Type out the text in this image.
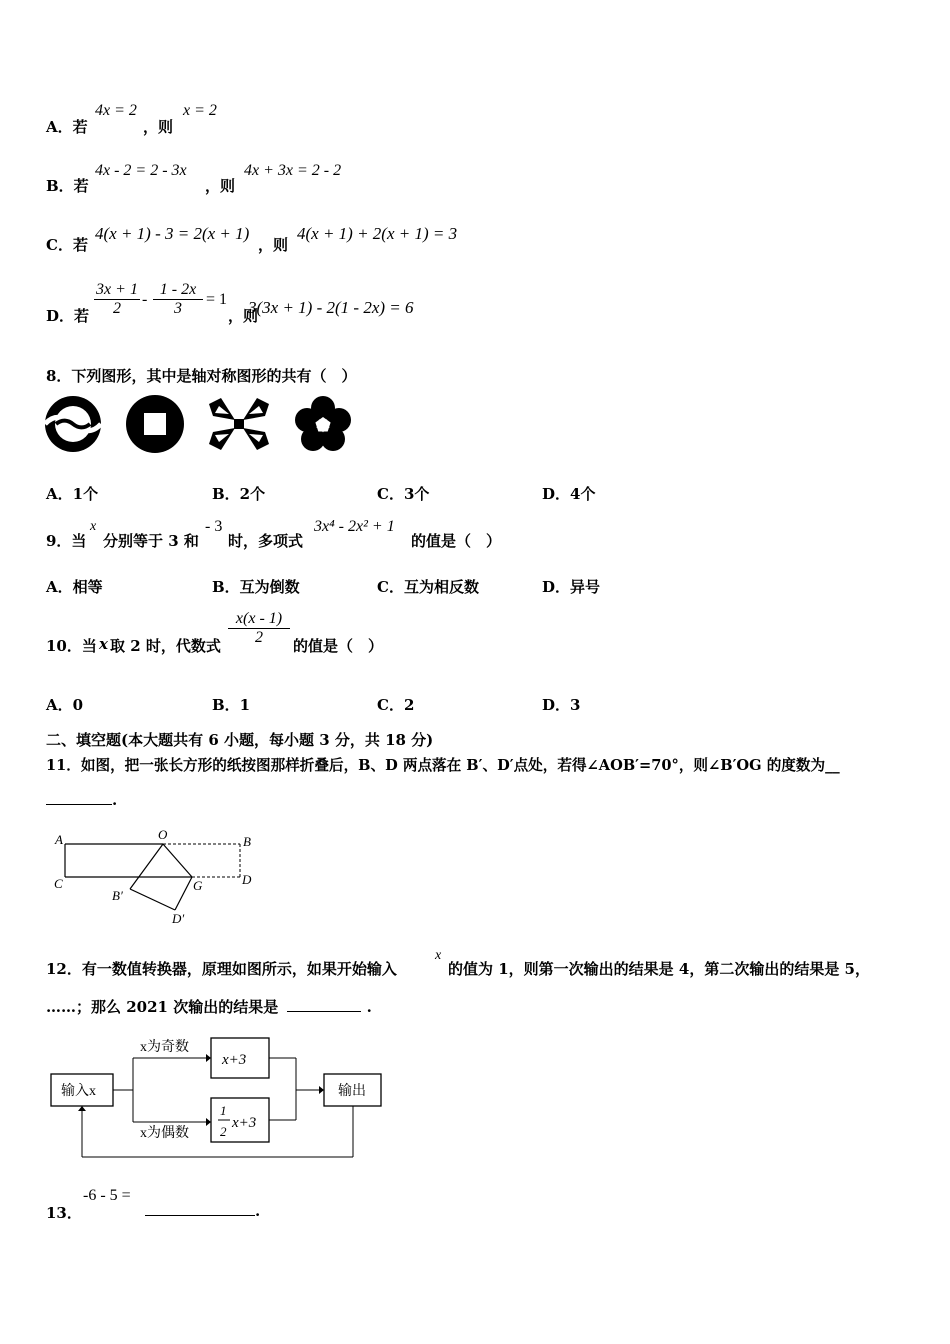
A．若
4x = 2
，则
x = 2
B．若
4x - 2 = 2 - 3x
，则
4x + 3x = 2 - 2
C．若
4(x + 1) - 3 = 2(x + 1)
，则
4(x + 1) + 2(x + 1) = 3
D．若
3x + 1
2
-
1 - 2x
3
= 1
，则
3(3x + 1) - 2(1 - 2x) = 6
8．下列图形，其中是轴对称图形的共有（　）
A．1个	B．2个	C．3个	D．4个
9．当
x
分别等于 3 和
- 3
时，多项式
3x⁴ - 2x² + 1
的值是（　）
A．相等	B．互为倒数	C．互为相反数	D．异号
10．当 x 取 2 时，代数式
x(x - 1)
2	的值是（　）
A．0	B．1	C．2	D．3
二、填空题(本大题共有 6 小题，每小题 3 分，共 18 分)
11．如图，把一张长方形的纸按图那样折叠后，B、D 两点落在 B′、D′点处，若得∠AOB′=70°，则∠B′OG 的度数为__
.
A	O	B
C	G	D
B′
D′
12．有一数值转换器，原理如图所示，如果开始输入
x
的值为 1，则第一次输出的结果是 4，第二次输出的结果是 5，
……；那么 2021 次输出的结果是	.
输入x
x为奇数
x为偶数
x+3
1
2
x+3
输出
13．
-6 - 5 =
.
